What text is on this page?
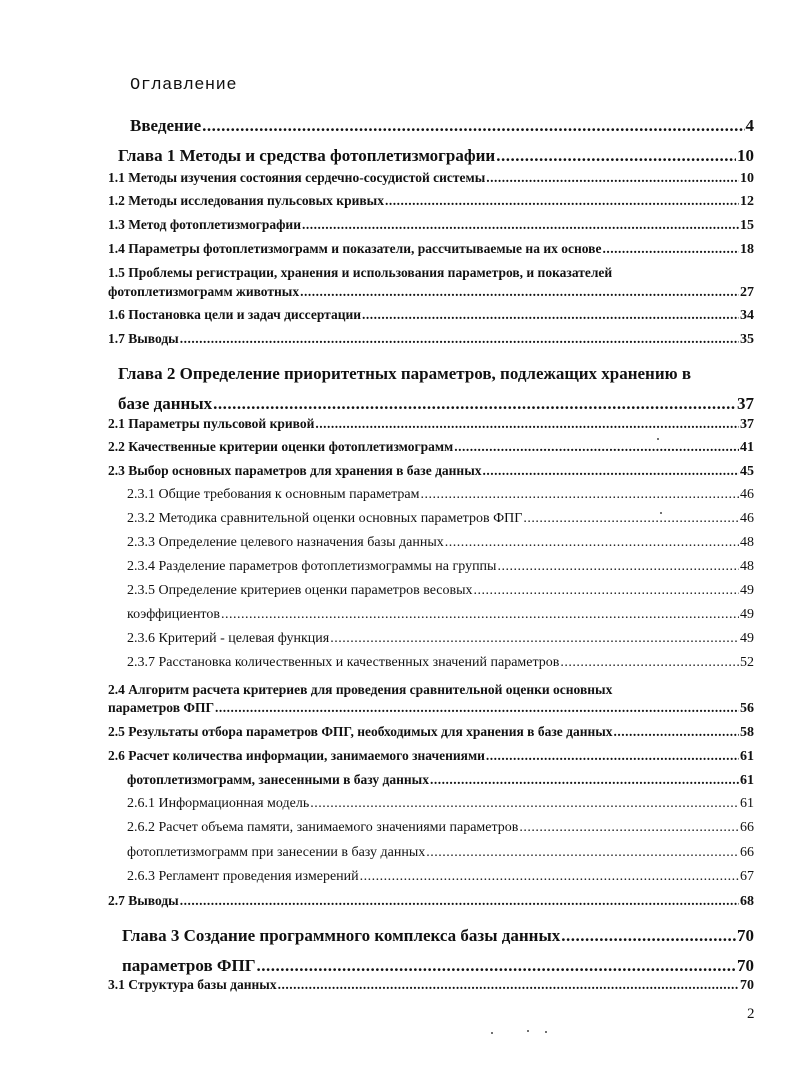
Оглавление
Введение .....	4
Глава 1 Методы и средства фотоплетизмографии .....	10
1.1 Методы изучения состояния сердечно-сосудистой системы .....	10
1.2 Методы исследования пульсовых кривых .....	12
1.3 Метод фотоплетизмографии .....	15
1.4 Параметры фотоплетизмограмм и показатели, рассчитываемые на их основе .....	18
1.5 Проблемы регистрации, хранения и использования параметров, и показателей
фотоплетизмограмм животных .....	27
1.6 Постановка цели и задач диссертации .....	34
1.7 Выводы .....	35
Глава 2 Определение приоритетных параметров, подлежащих хранению в
базе данных .....	37
2.1 Параметры пульсовой кривой .....	37
2.2 Качественные критерии оценки фотоплетизмограмм .....	41
2.3 Выбор основных параметров для хранения в базе данных .....	45
2.3.1 Общие требования к основным параметрам .....	46
2.3.2 Методика сравнительной оценки основных параметров ФПГ .....	46
2.3.3 Определение целевого назначения базы данных .....	48
2.3.4 Разделение параметров фотоплетизмограммы на группы .....	48
2.3.5 Определение критериев оценки параметров весовых .....	49
коэффициентов .....	49
2.3.6 Критерий - целевая функция .....	49
2.3.7 Расстановка количественных и качественных значений параметров .....	52
2.4 Алгоритм расчета критериев для проведения сравнительной оценки основных
параметров ФПГ .....	56
2.5 Результаты отбора параметров ФПГ, необходимых для хранения в базе данных .....	58
2.6 Расчет количества информации, занимаемого значениями .....	61
фотоплетизмограмм, занесенными в базу данных .....	61
2.6.1 Информационная модель .....	61
2.6.2 Расчет объема памяти, занимаемого значениями параметров .....	66
фотоплетизмограмм при занесении в базу данных .....	66
2.6.3 Регламент проведения измерений .....	67
2.7 Выводы .....	68
Глава 3 Создание программного комплекса базы данных .....	70
параметров ФПГ .....	70
3.1 Структура базы данных .....	70
2
